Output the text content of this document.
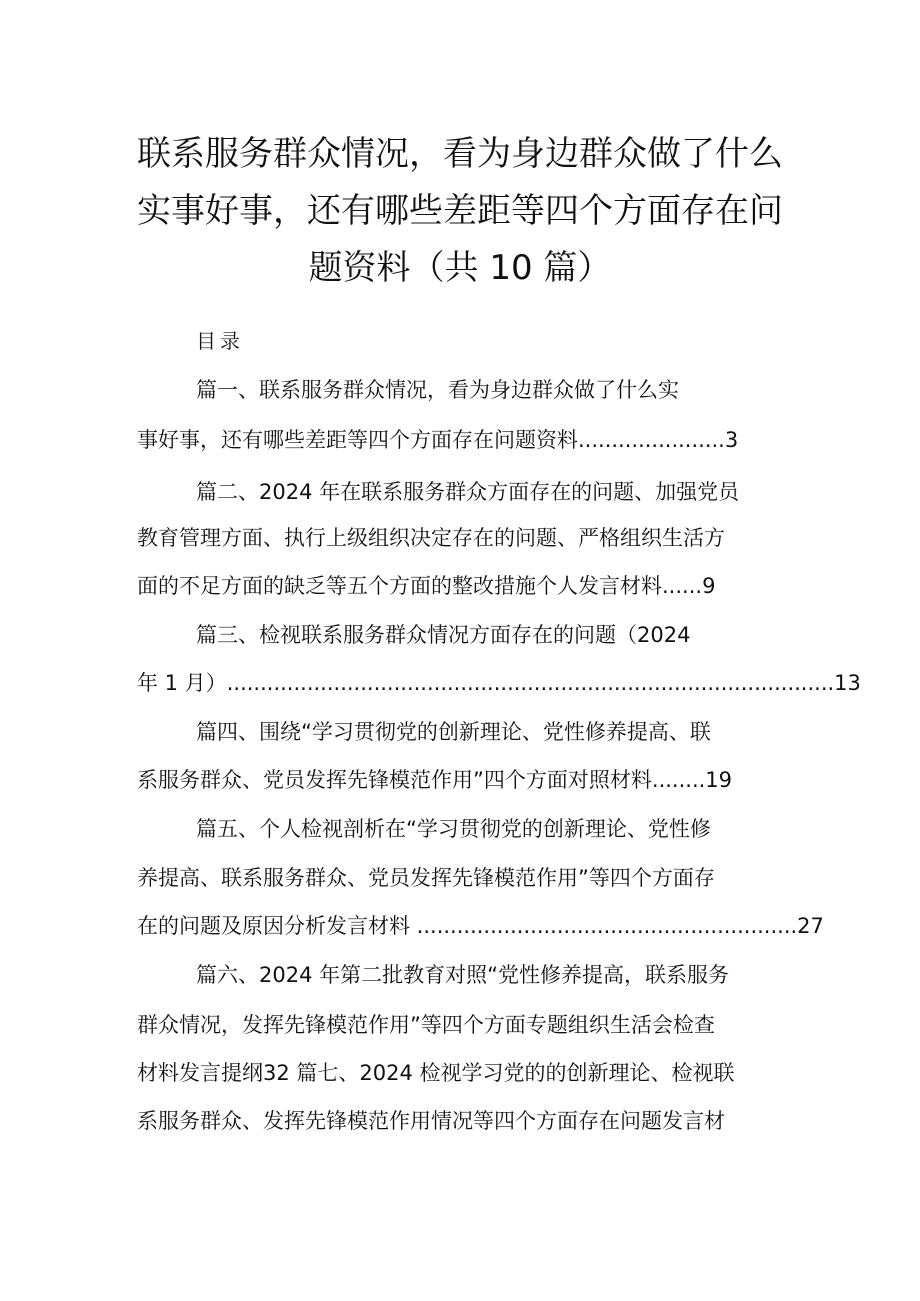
联系服务群众情况，看为身边群众做了什么
实事好事，还有哪些差距等四个方面存在问
题资料（共 10 篇）
目录
篇一、联系服务群众情况，看为身边群众做了什么实
事好事，还有哪些差距等四个方面存在问题资料......................3
篇二、2024 年在联系服务群众方面存在的问题、加强党员
教育管理方面、执行上级组织决定存在的问题、严格组织生活方
面的不足方面的缺乏等五个方面的整改措施个人发言材料......9
篇三、检视联系服务群众情况方面存在的问题（2024
年 1 月）...........................................................................................13
篇四、围绕“学习贯彻党的创新理论、党性修养提高、联
系服务群众、党员发挥先锋模范作用”四个方面对照材料........19
篇五、个人检视剖析在“学习贯彻党的创新理论、党性修
养提高、联系服务群众、党员发挥先锋模范作用”等四个方面存
在的问题及原因分析发言材料 .........................................................27
篇六、2024 年第二批教育对照“党性修养提高，联系服务
群众情况，发挥先锋模范作用”等四个方面专题组织生活会检查
材料发言提纲32 篇七、2024 检视学习党的的创新理论、检视联
系服务群众、发挥先锋模范作用情况等四个方面存在问题发言材
